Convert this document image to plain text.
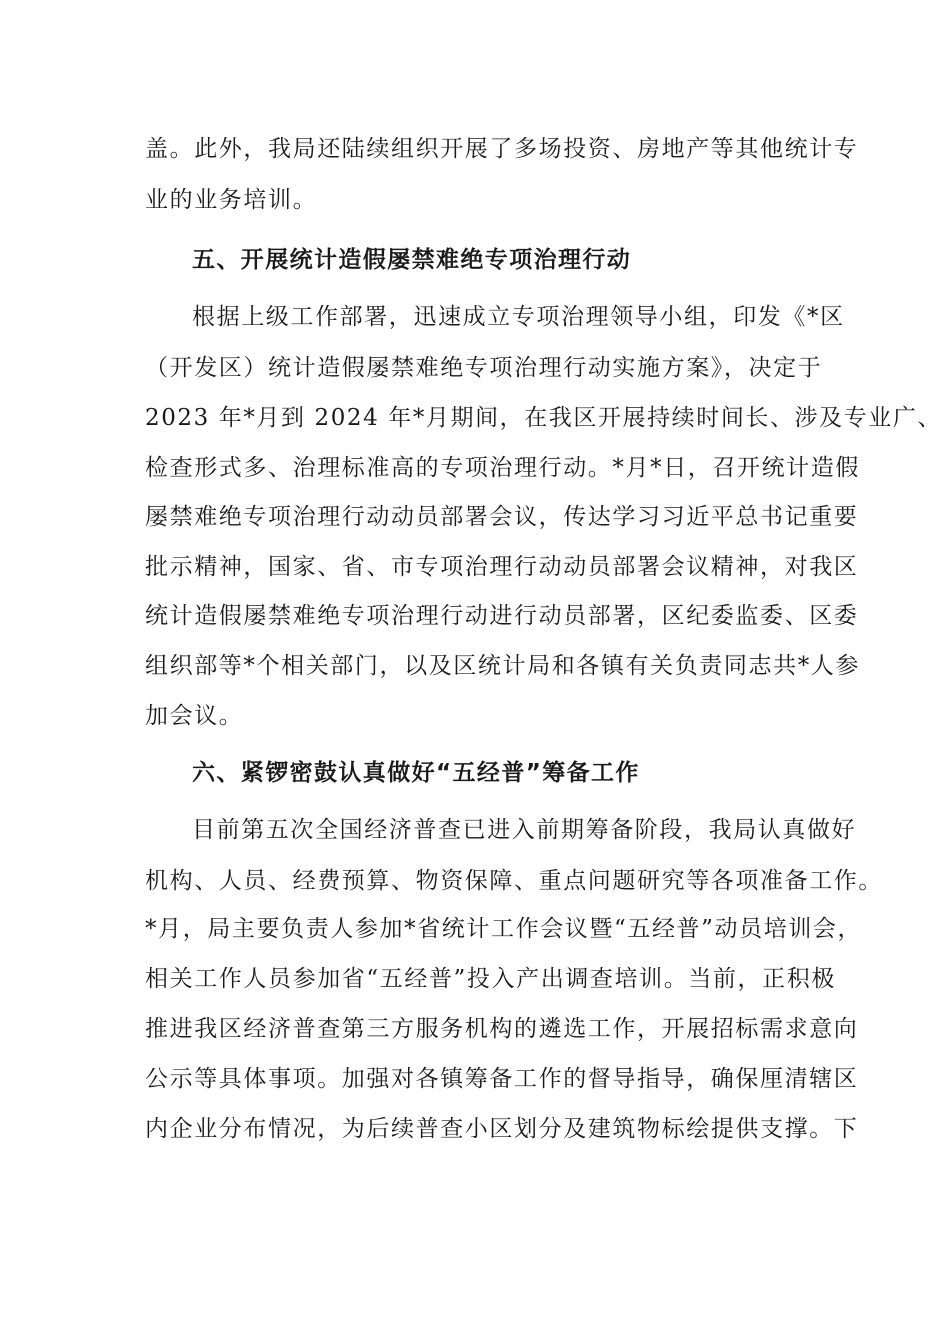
盖。此外，我局还陆续组织开展了多场投资、房地产等其他统计专
业的业务培训。
五、开展统计造假屡禁难绝专项治理行动
根据上级工作部署，迅速成立专项治理领导小组，印发《*区
（开发区）统计造假屡禁难绝专项治理行动实施方案》，决定于
2023 年*月到 2024 年*月期间，在我区开展持续时间长、涉及专业广、
检查形式多、治理标准高的专项治理行动。*月*日，召开统计造假
屡禁难绝专项治理行动动员部署会议，传达学习习近平总书记重要
批示精神，国家、省、市专项治理行动动员部署会议精神，对我区
统计造假屡禁难绝专项治理行动进行动员部署，区纪委监委、区委
组织部等*个相关部门，以及区统计局和各镇有关负责同志共*人参
加会议。
六、紧锣密鼓认真做好“五经普”筹备工作
目前第五次全国经济普查已进入前期筹备阶段，我局认真做好
机构、人员、经费预算、物资保障、重点问题研究等各项准备工作。
*月，局主要负责人参加*省统计工作会议暨“五经普”动员培训会，
相关工作人员参加省“五经普”投入产出调查培训。当前，正积极
推进我区经济普查第三方服务机构的遴选工作，开展招标需求意向
公示等具体事项。加强对各镇筹备工作的督导指导，确保厘清辖区
内企业分布情况，为后续普查小区划分及建筑物标绘提供支撑。下
